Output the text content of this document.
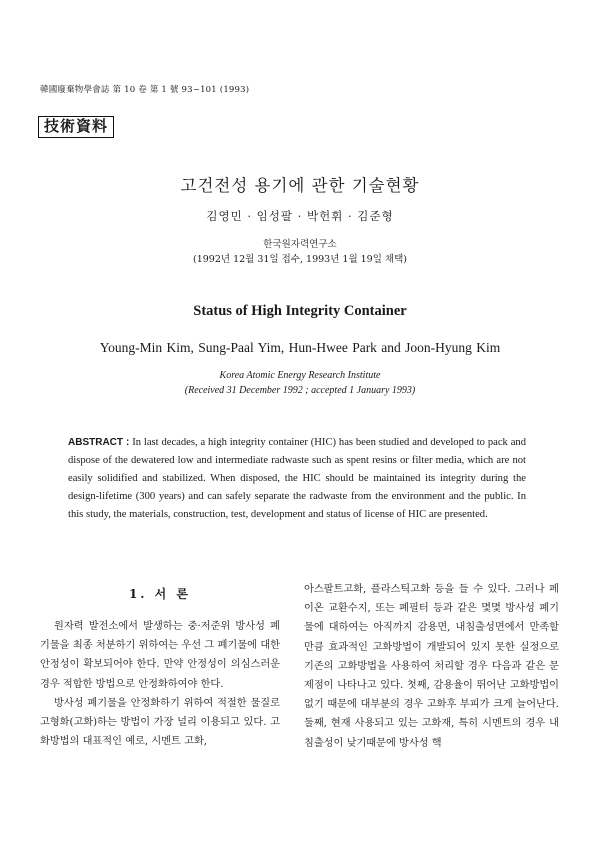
韓國廢棄物學會誌 第 10 卷 第 1 號 93~101 (1993)
技術資料
고건전성 용기에 관한 기술현황
김영민 · 임성팔 · 박헌휘 · 김준형
한국원자력연구소
(1992년 12월 31일 접수, 1993년 1월 19일 채택)
Status of High Integrity Container
Young-Min Kim, Sung-Paal Yim, Hun-Hwee Park and Joon-Hyung Kim
Korea Atomic Energy Research Institute
(Received 31 December 1992 ; accepted 1 January 1993)
ABSTRACT : In last decades, a high integrity container (HIC) has been studied and developed to pack and dispose of the dewatered low and intermediate radwaste such as spent resins or filter media, which are not easily solidified and stabilized. When disposed, the HIC should be maintained its integrity during the design-lifetime (300 years) and can safely separate the radwaste from the environment and the public. In this study, the materials, construction, test, development and status of license of HIC are presented.
1. 서 론

원자력 발전소에서 발생하는 중·저준위 방사성 폐기물을 최종 처분하기 위하여는 우선 그 폐기물에 대한 안정성이 확보되어야 한다. 만약 안정성이 의심스러운 경우 적합한 방법으로 안정화하여야 한다.

방사성 폐기물을 안정화하기 위하여 적절한 물질로 고형화(고화)하는 방법이 가장 널리 이용되고 있다. 고화방법의 대표적인 예로, 시멘트 고화,

아스팔트고화, 플라스틱고화 등을 들 수 있다. 그러나 페이온 교환수지, 또는 폐필터 등과 같은 몇몇 방사성 폐기물에 대하여는 아직까지 감용면, 내침출성면에서 만족할 만큼 효과적인 고화방법이 개발되어 있지 못한 실정으로 기존의 고화방법을 사용하여 처리할 경우 다음과 같은 문제점이 나타나고 있다. 첫째, 감용율이 뛰어난 고화방법이 없기 때문에 대부분의 경우 고화후 부피가 크게 늘어난다. 둘째, 현재 사용되고 있는 고화재, 특히 시멘트의 경우 내침출성이 낮기때문에 방사성 핵
